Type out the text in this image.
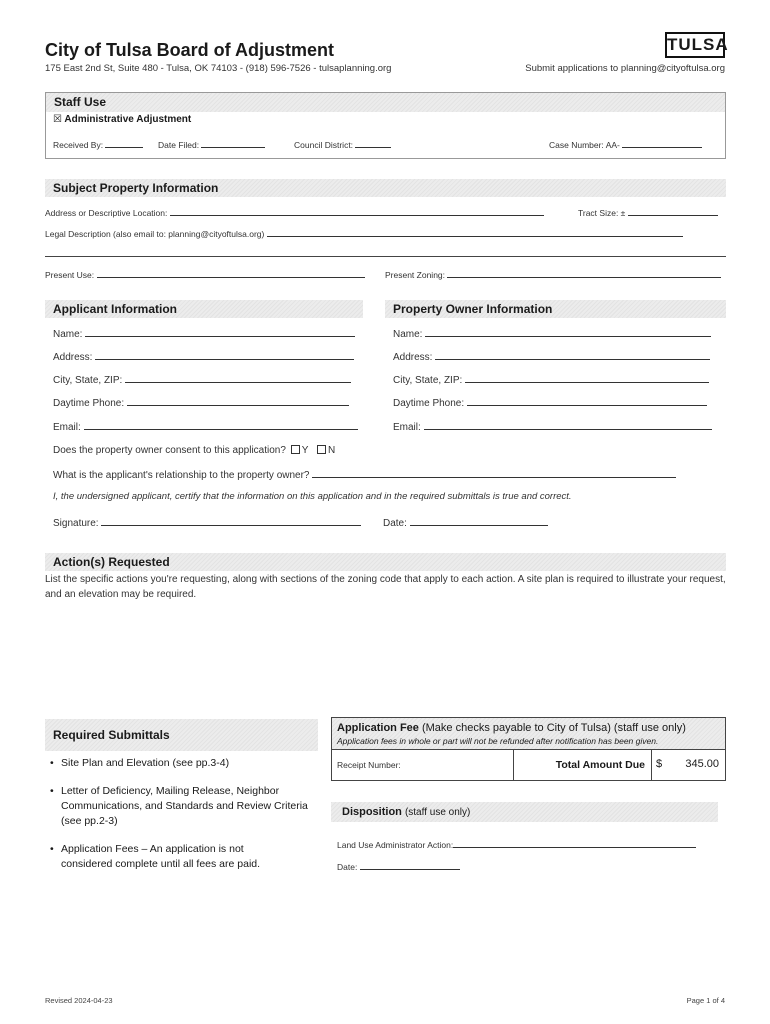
City of Tulsa Board of Adjustment	TULSA
175 East 2nd St, Suite 480 - Tulsa, OK 74103 - (918) 596-7526 - tulsaplanning.org	Submit applications to planning@cityoftulsa.org
Staff Use
☒ Administrative Adjustment
Received By:	Date Filed:	Council District:	Case Number: AA-
Subject Property Information
Address or Descriptive Location:	Tract Size: ±
Legal Description (also email to: planning@cityoftulsa.org)
Present Use:	Present Zoning:
Applicant Information	Property Owner Information
Name:
Address:
City, State, ZIP:
Daytime Phone:
Email:
Name:
Address:
City, State, ZIP:
Daytime Phone:
Email:
Does the property owner consent to this application? Y N
What is the applicant's relationship to the property owner?
I, the undersigned applicant, certify that the information on this application and in the required submittals is true and correct.
Signature:	Date:
Action(s) Requested
List the specific actions you're requesting, along with sections of the zoning code that apply to each action. A site plan is required to illustrate your request, and an elevation may be required.
Required Submittals
• Site Plan and Elevation (see pp.3-4)
• Letter of Deficiency, Mailing Release, Neighbor Communications, and Standards and Review Criteria (see pp.2-3)
• Application Fees – An application is not considered complete until all fees are paid.
Application Fee (Make checks payable to City of Tulsa) (staff use only)
Application fees in whole or part will not be refunded after notification has been given.
Receipt Number:	Total Amount Due	$ 345.00
Disposition (staff use only)
Land Use Administrator Action:
Date:
Revised 2024-04-23	Page 1 of 4
